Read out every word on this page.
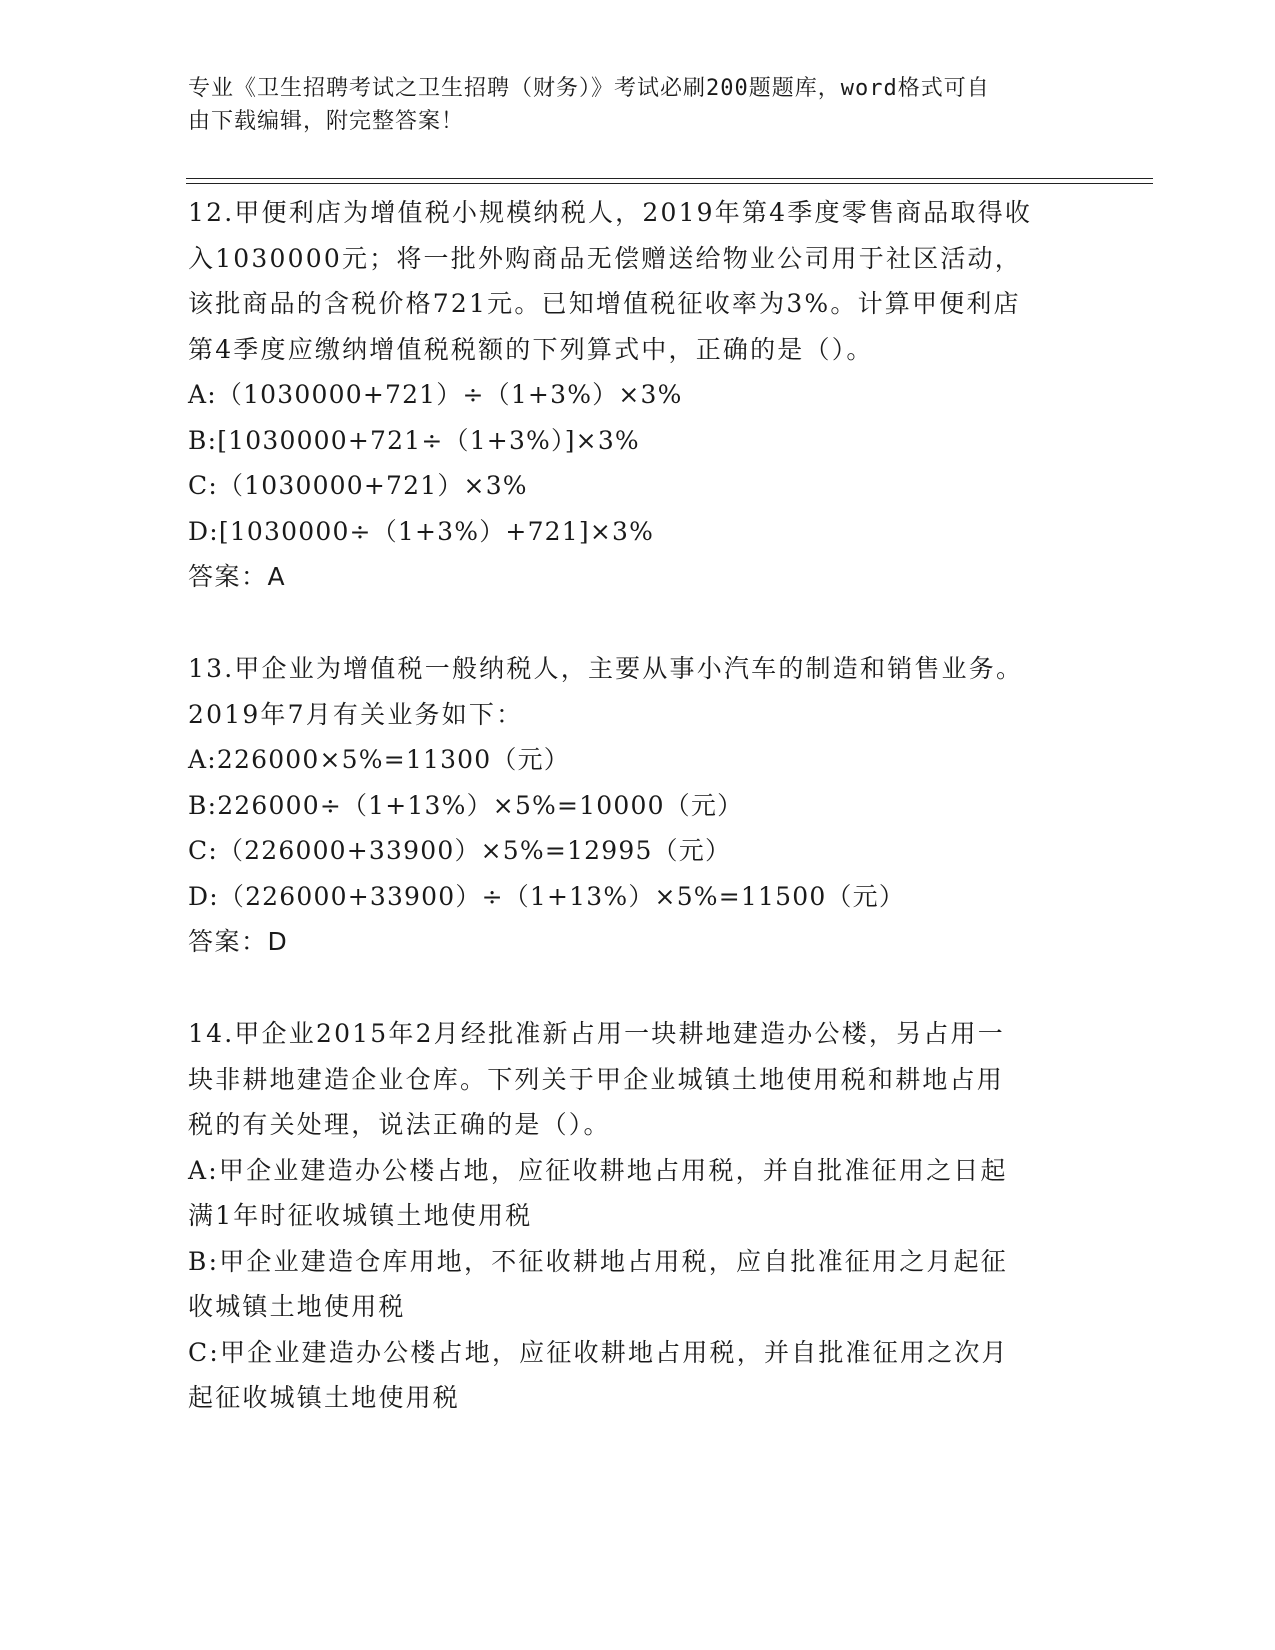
专业《卫生招聘考试之卫生招聘（财务）》考试必刷200题题库，word格式可自
由下载编辑，附完整答案！
12.甲便利店为增值税小规模纳税人，2019年第4季度零售商品取得收
入1030000元；将一批外购商品无偿赠送给物业公司用于社区活动，
该批商品的含税价格721元。已知增值税征收率为3%。计算甲便利店
第4季度应缴纳增值税税额的下列算式中，正确的是（）。
A:（1030000+721）÷（1+3%）×3%
B:[1030000+721÷（1+3%）]×3%
C:（1030000+721）×3%
D:[1030000÷（1+3%）+721]×3%
答案：A
13.甲企业为增值税一般纳税人，主要从事小汽车的制造和销售业务。
2019年7月有关业务如下：
A:226000×5%=11300（元）
B:226000÷（1+13%）×5%=10000（元）
C:（226000+33900）×5%=12995（元）
D:（226000+33900）÷（1+13%）×5%=11500（元）
答案：D
14.甲企业2015年2月经批准新占用一块耕地建造办公楼，另占用一
块非耕地建造企业仓库。下列关于甲企业城镇土地使用税和耕地占用
税的有关处理，说法正确的是（）。
A:甲企业建造办公楼占地，应征收耕地占用税，并自批准征用之日起
满1年时征收城镇土地使用税
B:甲企业建造仓库用地，不征收耕地占用税，应自批准征用之月起征
收城镇土地使用税
C:甲企业建造办公楼占地，应征收耕地占用税，并自批准征用之次月
起征收城镇土地使用税
